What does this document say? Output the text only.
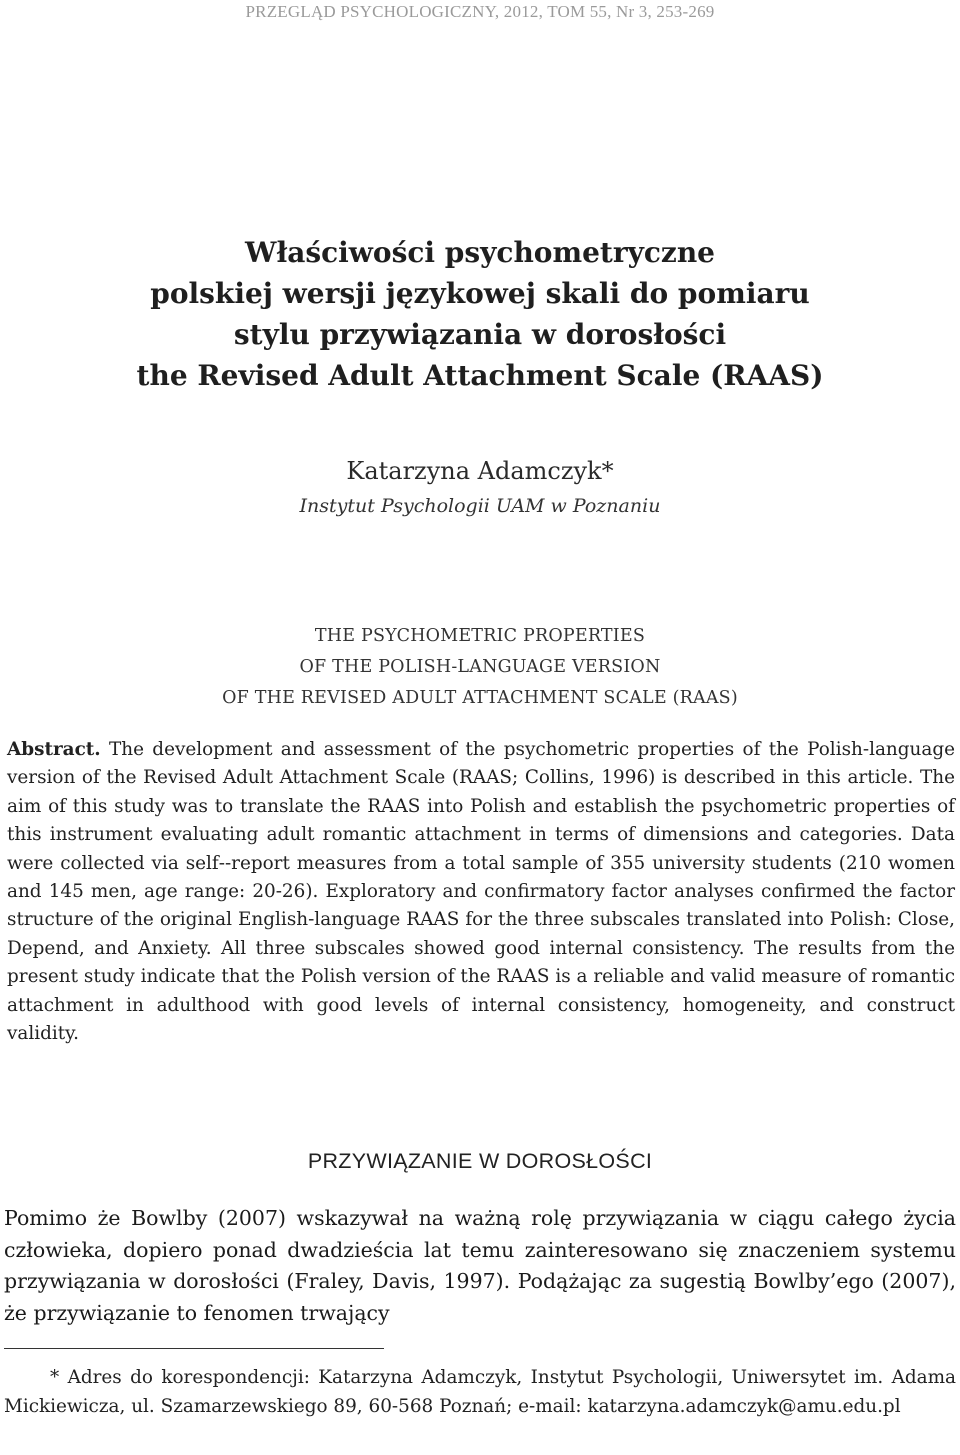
PRZEGLĄD PSYCHOLOGICZNY, 2012, TOM 55, Nr 3, 253-269
Właściwości psychometryczne
polskiej wersji językowej skali do pomiaru
stylu przywiązania w dorosłości
the Revised Adult Attachment Scale (RAAS)
Katarzyna Adamczyk*
Instytut Psychologii UAM w Poznaniu
THE PSYCHOMETRIC PROPERTIES
OF THE POLISH-LANGUAGE VERSION
OF THE REVISED ADULT ATTACHMENT SCALE (RAAS)

Abstract. The development and assessment of the psychometric properties of the Polish-language version of the Revised Adult Attachment Scale (RAAS; Collins, 1996) is described in this article. The aim of this study was to translate the RAAS into Polish and establish the psychometric properties of this instrument evaluating adult romantic attachment in terms of dimensions and categories. Data were collected via self‑-report measures from a total sample of 355 university students (210 women and 145 men, age range: 20-26). Exploratory and confirmatory factor analyses confirmed the factor structure of the original English-language RAAS for the three subscales translated into Polish: Close, Depend, and Anxiety. All three subscales showed good internal consistency. The results from the present study indicate that the Polish version of the RAAS is a reliable and valid measure of romantic attachment in adulthood with good levels of internal consistency, homogeneity, and construct validity.

PRZYWIĄZANIE W DOROSŁOŚCI

Pomimo że Bowlby (2007) wskazywał na ważną rolę przywiązania w ciągu całego życia człowieka, dopiero ponad dwadzieścia lat temu zainteresowano się znaczeniem systemu przywiązania w dorosłości (Fraley, Davis, 1997). Podążając za sugestią Bowlby’ego (2007), że przywiązanie to fenomen trwający

* Adres do korespondencji: Katarzyna Adamczyk, Instytut Psychologii, Uniwersytet im. Adama Mickiewicza, ul. Szamarzewskiego 89, 60-568 Poznań; e-mail: katarzyna.adamczyk@amu.edu.pl
